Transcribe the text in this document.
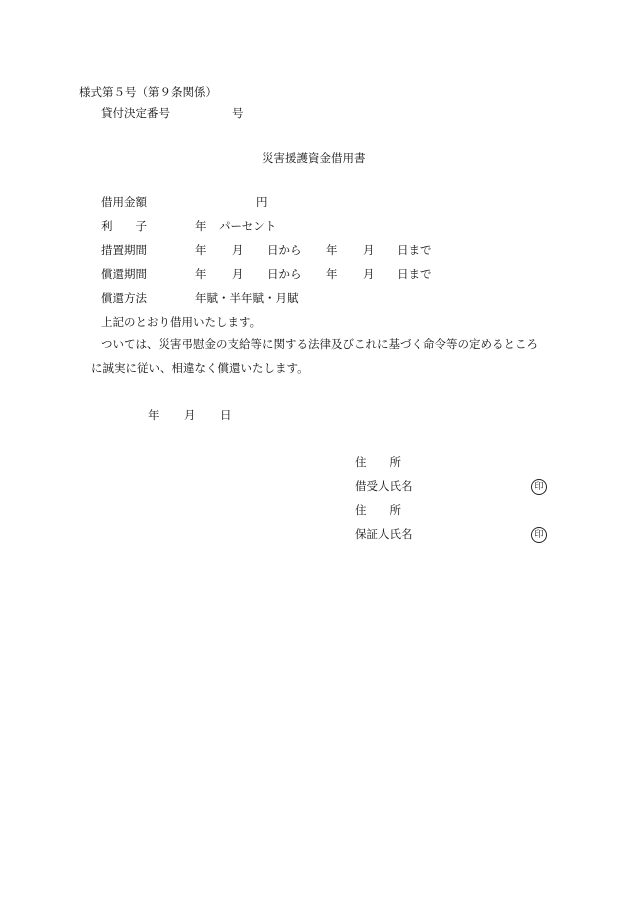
様式第５号（第９条関係）
貸付決定番号	号
災害援護資金借用書
借用金額	円
利　　子	年 パーセント
措置期間	年 月 日から 年 月 日まで
償還期間	年 月 日から 年 月 日まで
償還方法	年賦・半年賦・月賦
上記のとおり借用いたします。
ついては、災害弔慰金の支給等に関する法律及びこれに基づく命令等の定めるところ
に誠実に従い、相違なく償還いたします。
年 月 日
住　　所
借受人氏名	印
住　　所
保証人氏名	印
